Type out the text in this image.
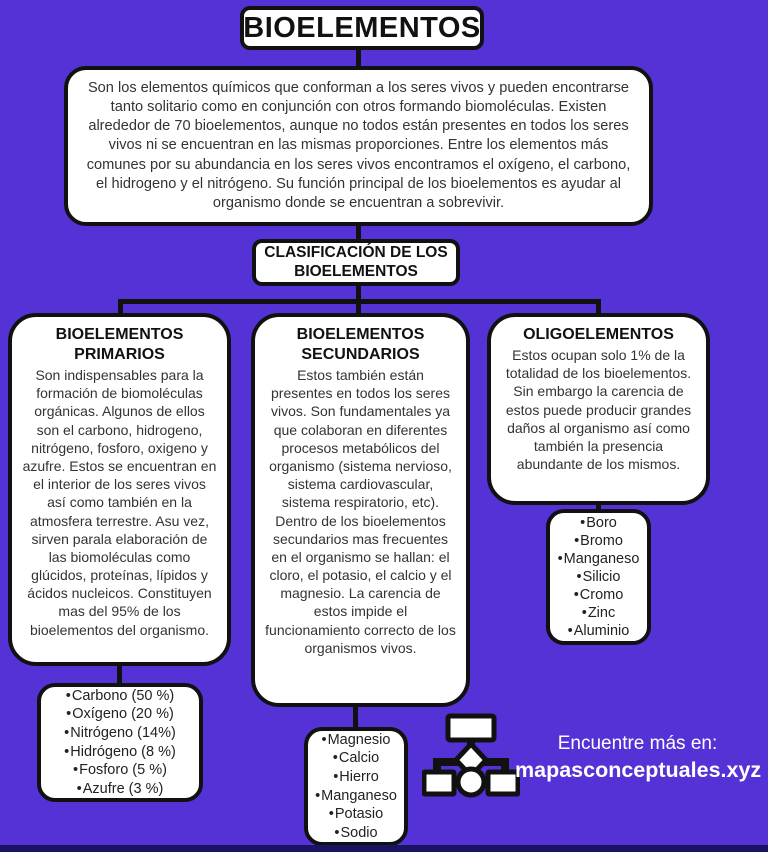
BIOELEMENTOS
Son los elementos químicos que conforman a los seres vivos y pueden encontrarse tanto solitario como en conjunción con otros formando biomoléculas. Existen alrededor de 70 bioelementos, aunque no todos están presentes en todos los seres vivos ni se encuentran en las mismas proporciones. Entre los elementos más comunes por su abundancia en los seres vivos encontramos el oxígeno, el carbono, el hidrogeno y el nitrógeno. Su función principal de los bioelementos es ayudar al organismo donde se encuentran a sobrevivir.
CLASIFICACIÓN DE LOS BIOELEMENTOS
BIOELEMENTOS PRIMARIOS
Son indispensables para la formación de biomoléculas orgánicas. Algunos de ellos son el carbono, hidrogeno, nitrógeno, fosforo, oxigeno y azufre. Estos se encuentran en el interior de los seres vivos así como también en la atmosfera terrestre. Asu vez, sirven parala elaboración de las biomoléculas como glúcidos, proteínas, lípidos y ácidos nucleicos. Constituyen mas del 95% de los bioelementos del organismo.
BIOELEMENTOS SECUNDARIOS
Estos también están presentes en todos los seres vivos. Son fundamentales ya que colaboran en diferentes procesos metabólicos del organismo (sistema nervioso, sistema cardiovascular, sistema respiratorio, etc). Dentro de los bioelementos secundarios mas frecuentes en el organismo se hallan: el cloro, el potasio, el calcio y el magnesio. La carencia de estos impide el funcionamiento correcto de los organismos vivos.
OLIGOELEMENTOS
Estos ocupan solo 1% de la totalidad de los bioelementos. Sin embargo la carencia de estos puede producir grandes daños al organismo así como también la presencia abundante de los mismos.
• Carbono (50 %)
• Oxígeno (20 %)
• Nitrógeno (14%)
• Hidrógeno (8 %)
• Fosforo (5 %)
• Azufre (3 %)
• Magnesio
• Calcio
• Hierro
• Manganeso
• Potasio
• Sodio
• Boro
• Bromo
• Manganeso
• Silicio
• Cromo
• Zinc
• Aluminio
Encuentre más en:
mapasconceptuales.xyz
